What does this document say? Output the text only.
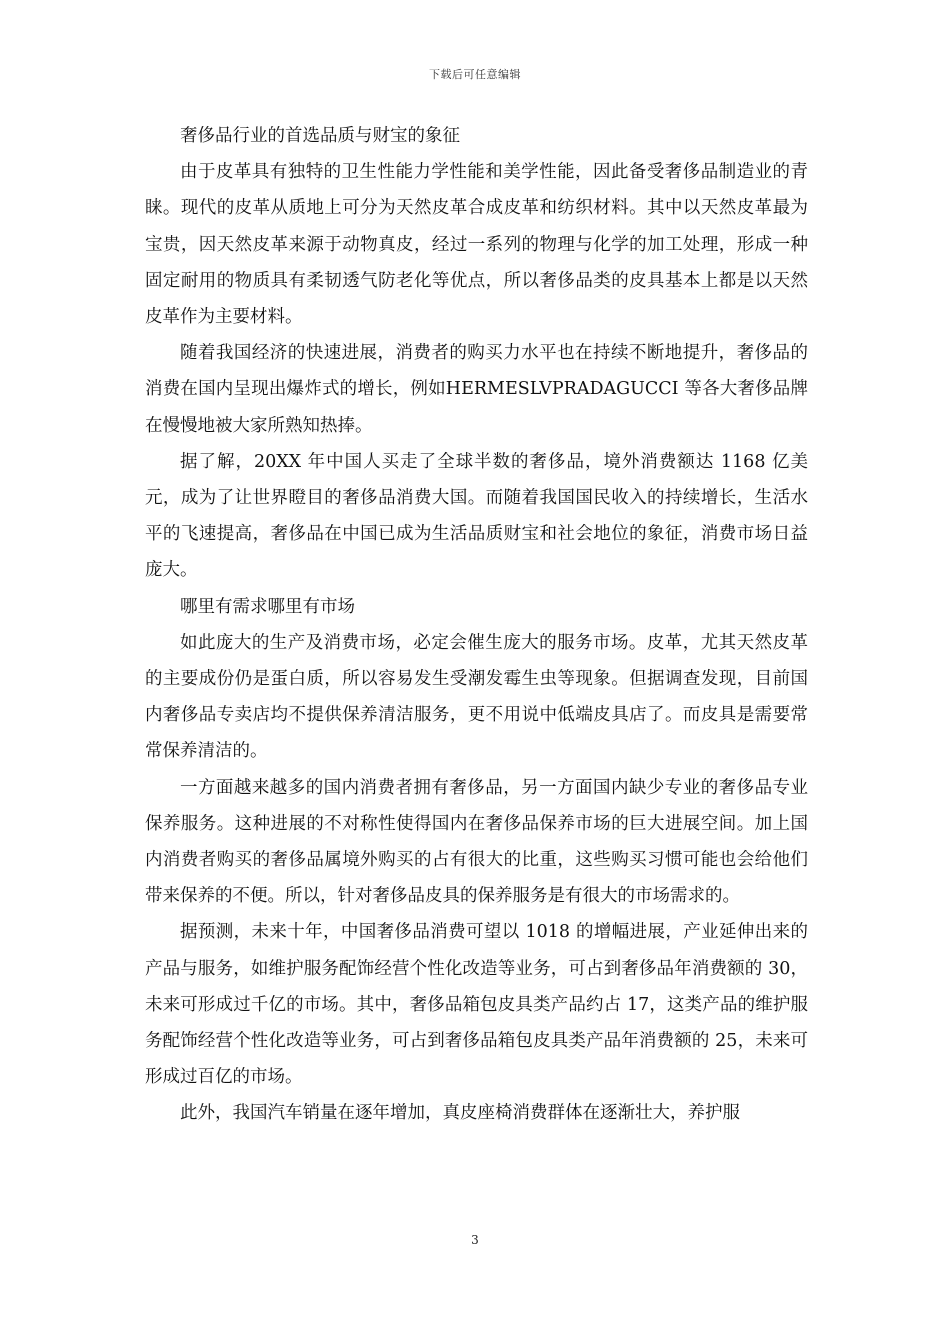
下载后可任意编辑

奢侈品行业的首选品质与财宝的象征

由于皮革具有独特的卫生性能力学性能和美学性能，因此备受奢侈品制造业的青睐。现代的皮革从质地上可分为天然皮革合成皮革和纺织材料。其中以天然皮革最为宝贵，因天然皮革来源于动物真皮，经过一系列的物理与化学的加工处理，形成一种固定耐用的物质具有柔韧透气防老化等优点，所以奢侈品类的皮具基本上都是以天然皮革作为主要材料。

随着我国经济的快速进展，消费者的购买力水平也在持续不断地提升，奢侈品的消费在国内呈现出爆炸式的增长，例如HERMESLVPRADAGUCCI 等各大奢侈品牌在慢慢地被大家所熟知热捧。

据了解，20XX 年中国人买走了全球半数的奢侈品，境外消费额达 1168 亿美元，成为了让世界瞪目的奢侈品消费大国。而随着我国国民收入的持续增长，生活水平的飞速提高，奢侈品在中国已成为生活品质财宝和社会地位的象征，消费市场日益庞大。

哪里有需求哪里有市场

如此庞大的生产及消费市场，必定会催生庞大的服务市场。皮革，尤其天然皮革的主要成份仍是蛋白质，所以容易发生受潮发霉生虫等现象。但据调查发现，目前国内奢侈品专卖店均不提供保养清洁服务，更不用说中低端皮具店了。而皮具是需要常常保养清洁的。

一方面越来越多的国内消费者拥有奢侈品，另一方面国内缺少专业的奢侈品专业保养服务。这种进展的不对称性使得国内在奢侈品保养市场的巨大进展空间。加上国内消费者购买的奢侈品属境外购买的占有很大的比重，这些购买习惯可能也会给他们带来保养的不便。所以，针对奢侈品皮具的保养服务是有很大的市场需求的。

据预测，未来十年，中国奢侈品消费可望以 1018 的增幅进展，产业延伸出来的产品与服务，如维护服务配饰经营个性化改造等业务，可占到奢侈品年消费额的 30，未来可形成过千亿的市场。其中，奢侈品箱包皮具类产品约占 17，这类产品的维护服务配饰经营个性化改造等业务，可占到奢侈品箱包皮具类产品年消费额的 25，未来可形成过百亿的市场。

此外，我国汽车销量在逐年增加，真皮座椅消费群体在逐渐壮大，养护服

3
